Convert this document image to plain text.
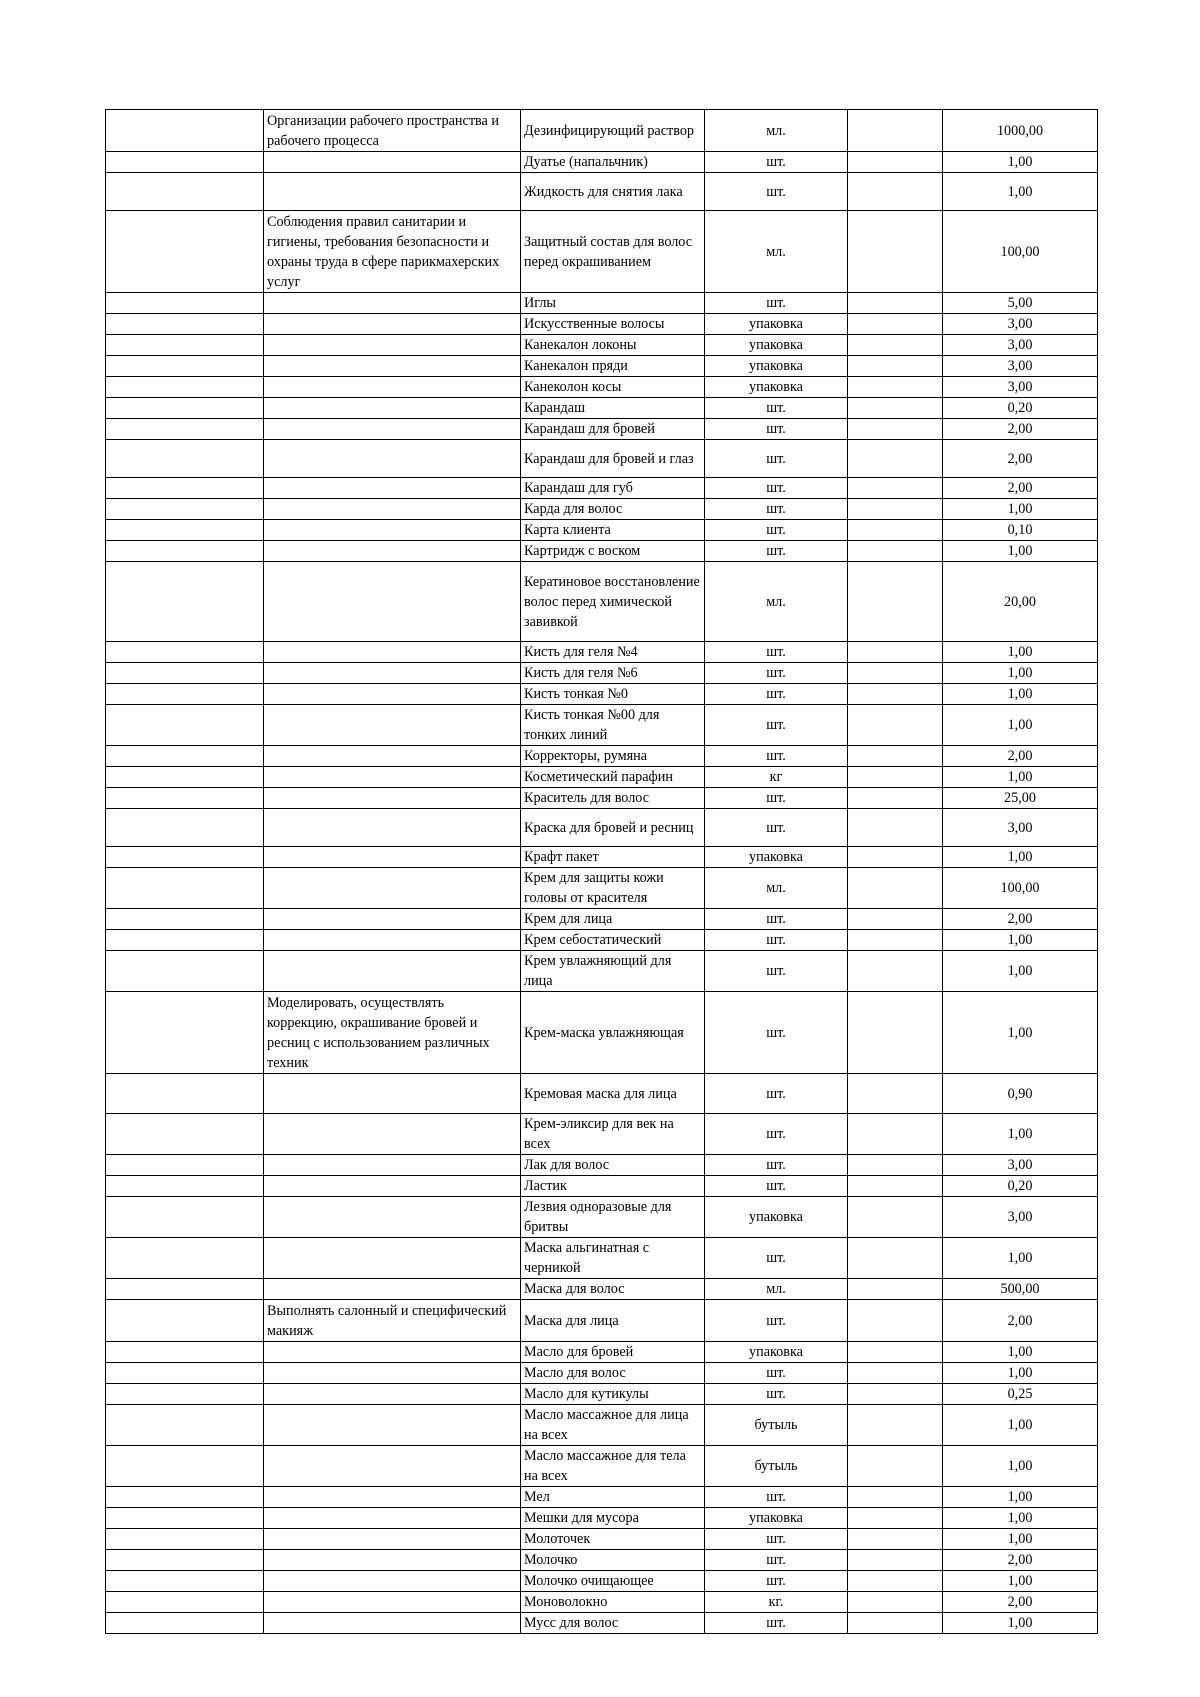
	Организации рабочего пространства и рабочего процесса	Дезинфицирующий раствор	мл.		1000,00
		Дуатье (напальчник)	шт.		1,00
		Жидкость для снятия лака	шт.		1,00
	Соблюдения правил санитарии и гигиены, требования безопасности и охраны труда в сфере парикмахерских услуг	Защитный состав для волос перед окрашиванием	мл.		100,00
		Иглы	шт.		5,00
		Искусственные волосы	упаковка		3,00
		Канекалон локоны	упаковка		3,00
		Канекалон пряди	упаковка		3,00
		Канеколон косы	упаковка		3,00
		Карандаш	шт.		0,20
		Карандаш для бровей	шт.		2,00
		Карандаш для бровей и глаз	шт.		2,00
		Карандаш для губ	шт.		2,00
		Карда для волос	шт.		1,00
		Карта клиента	шт.		0,10
		Картридж с воском	шт.		1,00
		Кератиновое восстановление волос перед химической завивкой	мл.		20,00
		Кисть для геля №4	шт.		1,00
		Кисть для геля №6	шт.		1,00
		Кисть тонкая №0	шт.		1,00
		Кисть тонкая №00 для тонких линий	шт.		1,00
		Корректоры, румяна	шт.		2,00
		Косметический парафин	кг		1,00
		Краситель для волос	шт.		25,00
		Краска для бровей и ресниц	шт.		3,00
		Крафт пакет	упаковка		1,00
		Крем для защиты кожи головы от красителя	мл.		100,00
		Крем для лица	шт.		2,00
		Крем себостатический	шт.		1,00
		Крем увлажняющий для лица	шт.		1,00
	Моделировать, осуществлять коррекцию, окрашивание бровей и ресниц с использованием различных техник	Крем-маска увлажняющая	шт.		1,00
		Кремовая маска для лица	шт.		0,90
		Крем-эликсир для век на всех	шт.		1,00
		Лак для волос	шт.		3,00
		Ластик	шт.		0,20
		Лезвия одноразовые для бритвы	упаковка		3,00
		Маска альгинатная с черникой	шт.		1,00
		Маска для волос	мл.		500,00
	Выполнять салонный и специфический макияж	Маска для лица	шт.		2,00
		Масло для бровей	упаковка		1,00
		Масло для волос	шт.		1,00
		Масло для кутикулы	шт.		0,25
		Масло массажное для лица на всех	бутыль		1,00
		Масло массажное для тела на всех	бутыль		1,00
		Мел	шт.		1,00
		Мешки для мусора	упаковка		1,00
		Молоточек	шт.		1,00
		Молочко	шт.		2,00
		Молочко очищающее	шт.		1,00
		Моноволокно	кг.		2,00
		Мусс для волос	шт.		1,00
